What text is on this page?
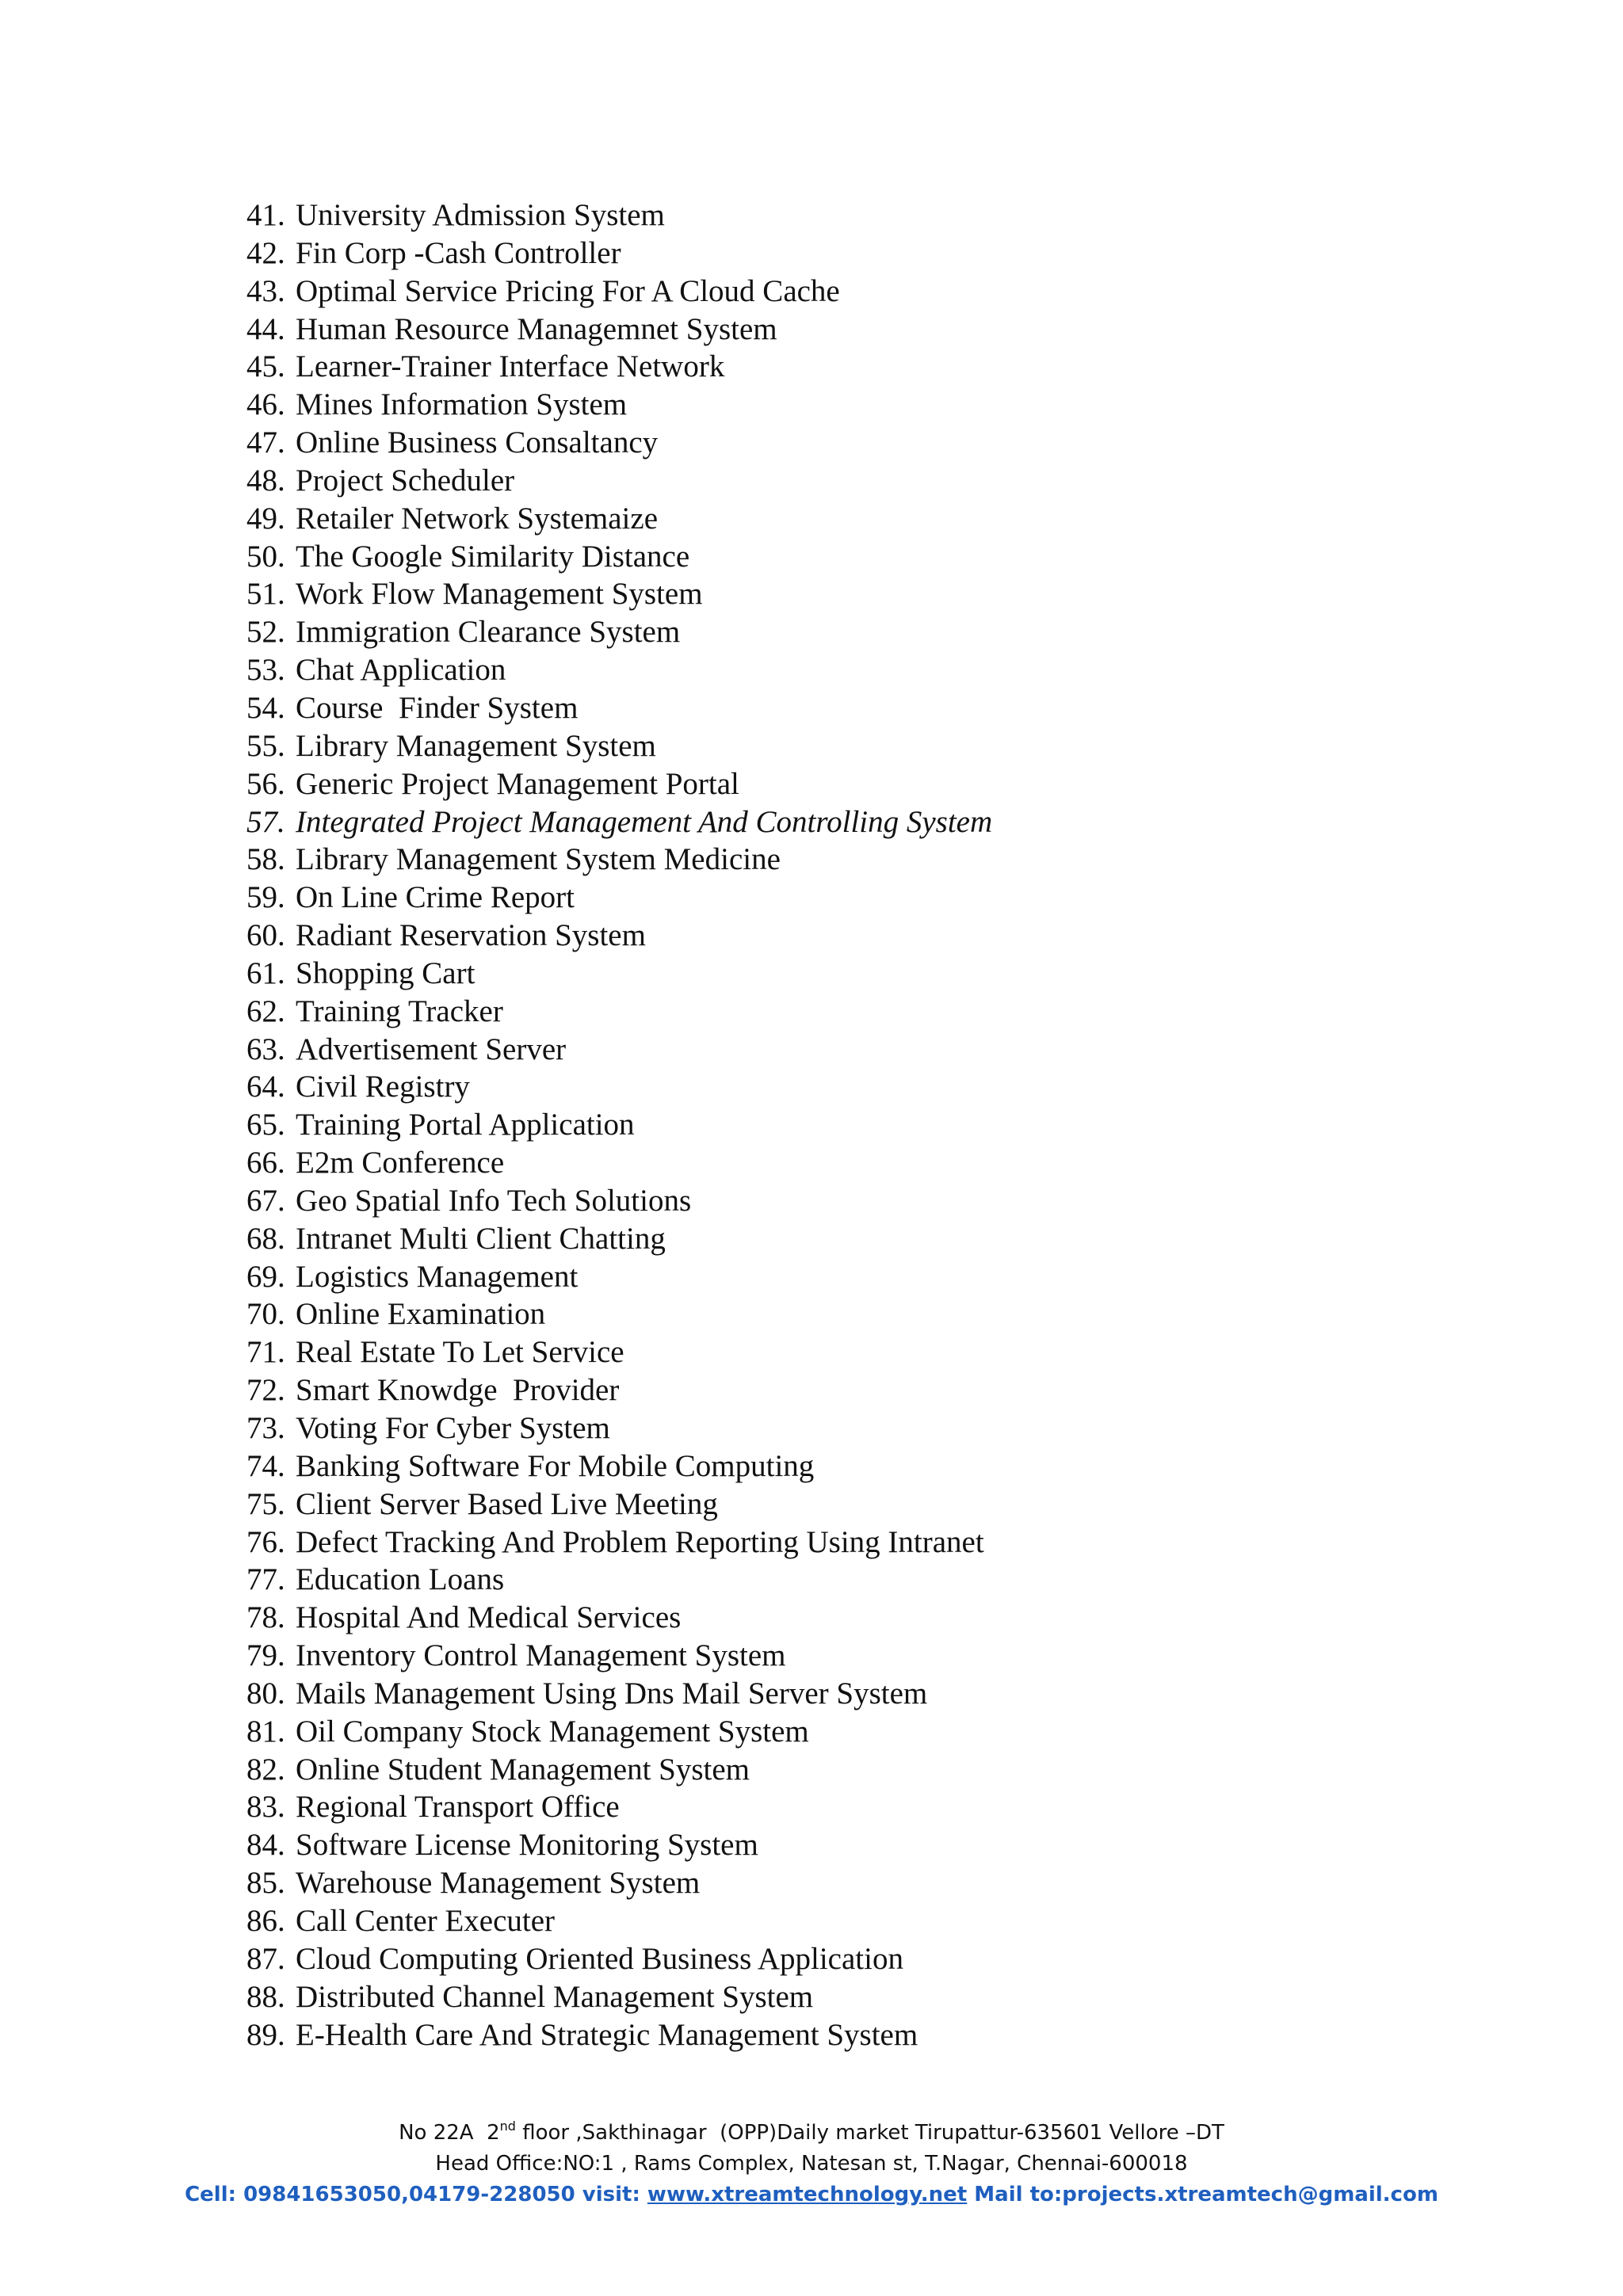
41. University Admission System
42. Fin Corp -Cash Controller
43. Optimal Service Pricing For A Cloud Cache
44. Human Resource Managemnet System
45. Learner-Trainer Interface Network
46. Mines Information System
47. Online Business Consaltancy
48. Project Scheduler
49. Retailer Network Systemaize
50. The Google Similarity Distance
51. Work Flow Management System
52. Immigration Clearance System
53. Chat Application
54. Course  Finder System
55. Library Management System
56. Generic Project Management Portal
57. Integrated Project Management And Controlling System
58. Library Management System Medicine
59. On Line Crime Report
60. Radiant Reservation System
61. Shopping Cart
62. Training Tracker
63. Advertisement Server
64. Civil Registry
65. Training Portal Application
66. E2m Conference
67. Geo Spatial Info Tech Solutions
68. Intranet Multi Client Chatting
69. Logistics Management
70. Online Examination
71. Real Estate To Let Service
72. Smart Knowdge  Provider
73. Voting For Cyber System
74. Banking Software For Mobile Computing
75. Client Server Based Live Meeting
76. Defect Tracking And Problem Reporting Using Intranet
77. Education Loans
78. Hospital And Medical Services
79. Inventory Control Management System
80. Mails Management Using Dns Mail Server System
81. Oil Company Stock Management System
82. Online Student Management System
83. Regional Transport Office
84. Software License Monitoring System
85. Warehouse Management System
86. Call Center Executer
87. Cloud Computing Oriented Business Application
88. Distributed Channel Management System
89. E-Health Care And Strategic Management System
No 22A  2nd floor ,Sakthinagar  (OPP)Daily market Tirupattur-635601 Vellore –DT
Head Office:NO:1 , Rams Complex, Natesan st, T.Nagar, Chennai-600018
Cell: 09841653050,04179-228050 visit: www.xtreamtechnology.net Mail to:projects.xtreamtech@gmail.com
